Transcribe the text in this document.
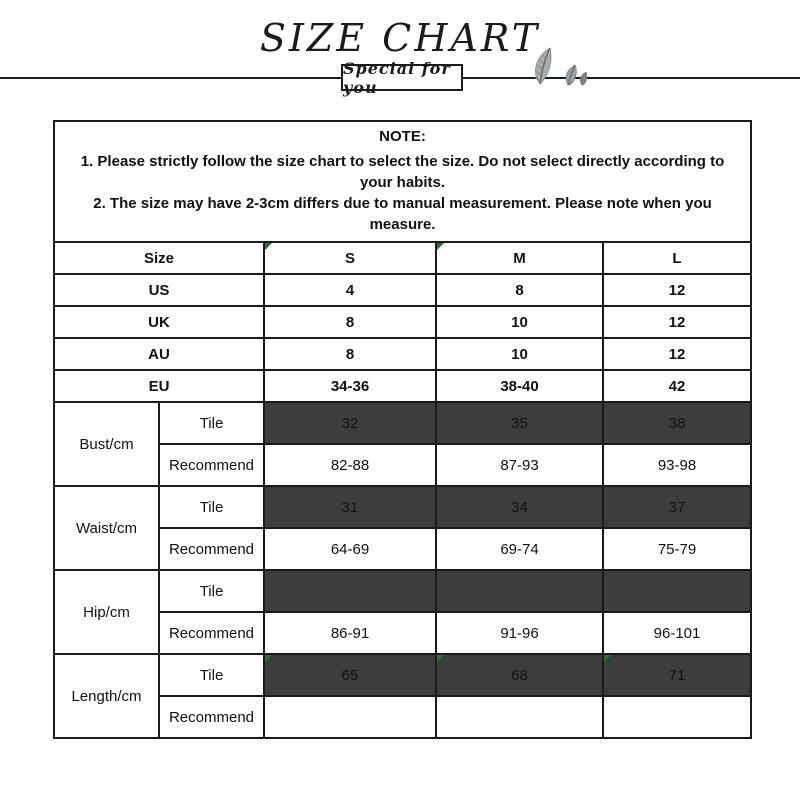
SIZE CHART
Special for you
NOTE:
1. Please strictly follow the size chart to select the size. Do not select directly according to your habits.
2. The size may have 2-3cm differs due to manual measurement. Please note when you measure.				

Size		S	M	L
US		4	8	12
UK		8	10	12
AU		8	10	12
EU		34-36	38-40	42
Bust/cm	Tile	32	35	38
	Recommend	82-88	87-93	93-98
Waist/cm	Tile	31	34	37
	Recommend	64-69	69-74	75-79
Hip/cm	Tile			
	Recommend	86-91	91-96	96-101
Length/cm	Tile	65	68	71
	Recommend			
